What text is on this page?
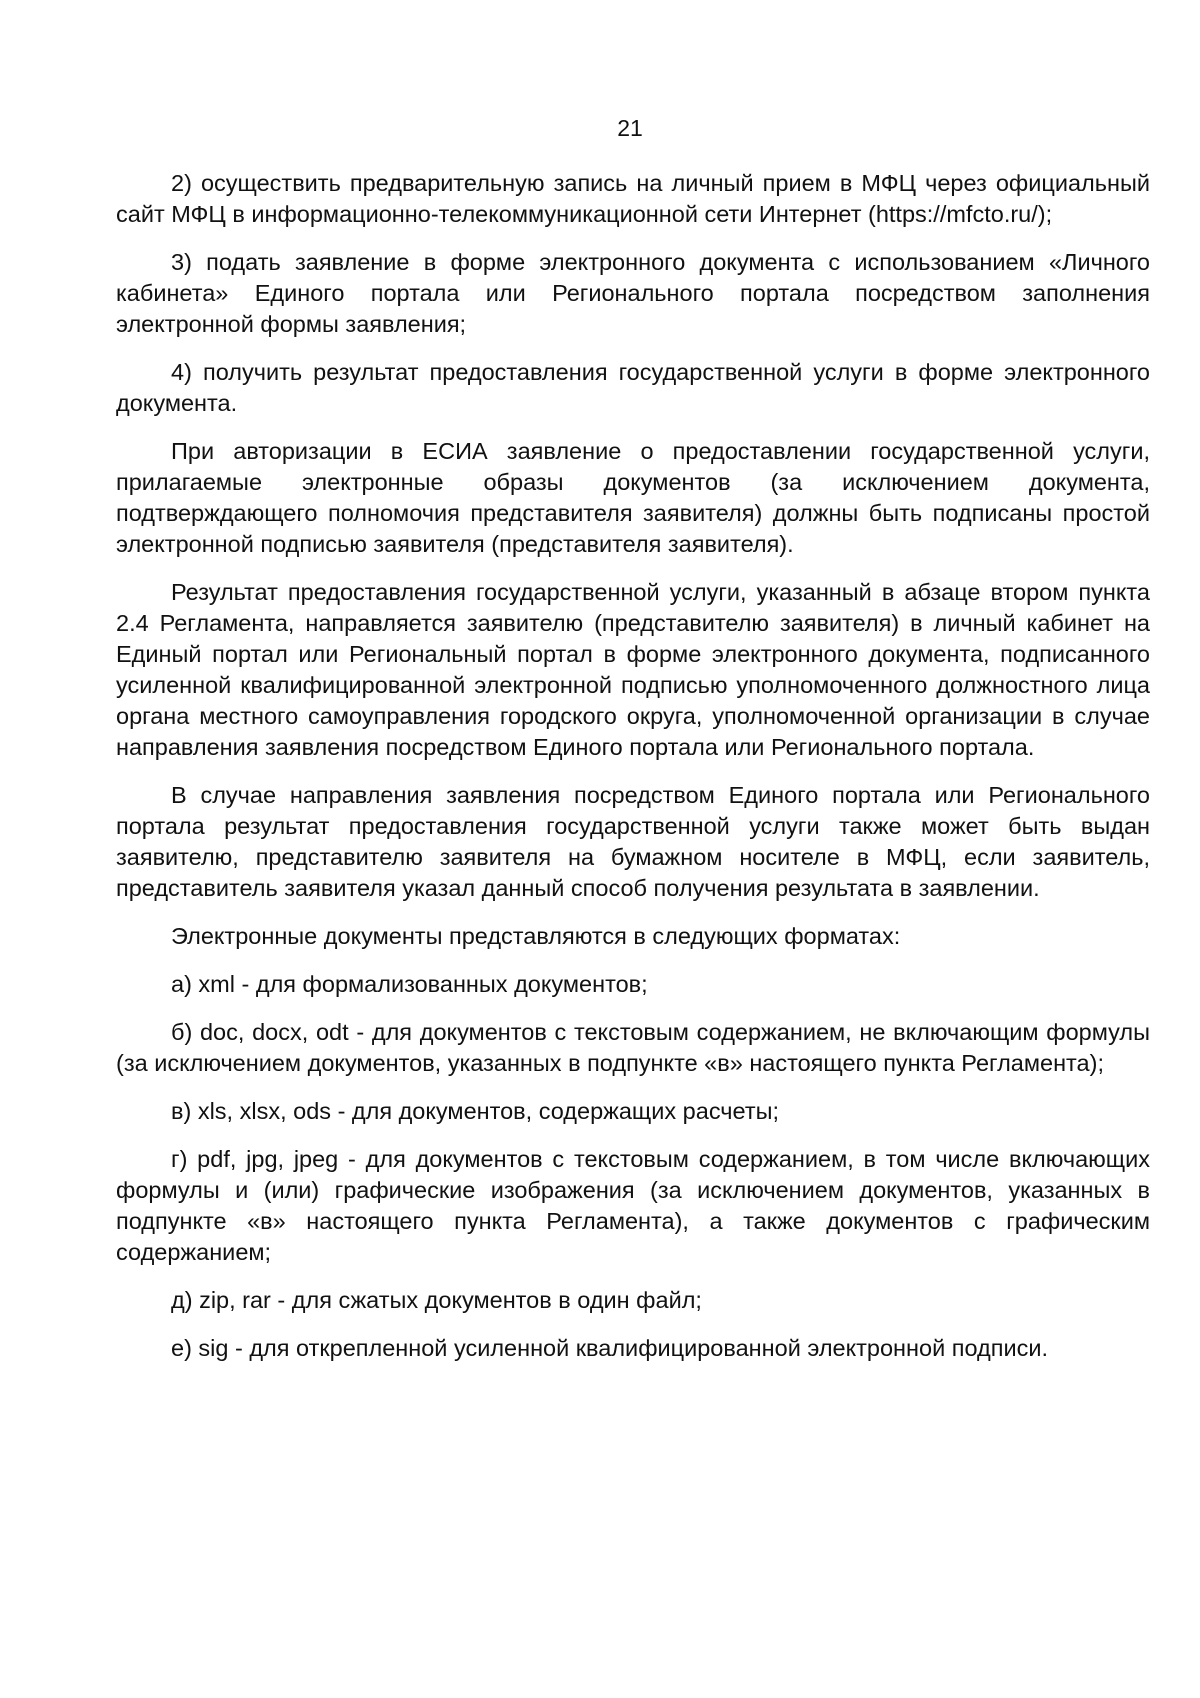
21

2) осуществить предварительную запись на личный прием в МФЦ через официальный сайт МФЦ в информационно-телекоммуникационной сети Интернет (https://mfcto.ru/);

3) подать заявление в форме электронного документа с использованием «Личного кабинета» Единого портала или Регионального портала посредством заполнения электронной формы заявления;

4) получить результат предоставления государственной услуги в форме электронного документа.

При авторизации в ЕСИА заявление о предоставлении государственной услуги, прилагаемые электронные образы документов (за исключением документа, подтверждающего полномочия представителя заявителя) должны быть подписаны простой электронной подписью заявителя (представителя заявителя).

Результат предоставления государственной услуги, указанный в абзаце втором пункта 2.4 Регламента, направляется заявителю (представителю заявителя) в личный кабинет на Единый портал или Региональный портал в форме электронного документа, подписанного усиленной квалифицированной электронной подписью уполномоченного должностного лица органа местного самоуправления городского округа, уполномоченной организации в случае направления заявления посредством Единого портала или Регионального портала.

В случае направления заявления посредством Единого портала или Регионального портала результат предоставления государственной услуги также может быть выдан заявителю, представителю заявителя на бумажном носителе в МФЦ, если заявитель, представитель заявителя указал данный способ получения результата в заявлении.

Электронные документы представляются в следующих форматах:

а) xml - для формализованных документов;

б) doc, docx, odt - для документов с текстовым содержанием, не включающим формулы (за исключением документов, указанных в подпункте «в» настоящего пункта Регламента);

в) xls, xlsx, ods - для документов, содержащих расчеты;

г) pdf, jpg, jpeg - для документов с текстовым содержанием, в том числе включающих формулы и (или) графические изображения (за исключением документов, указанных в подпункте «в» настоящего пункта Регламента), а также документов с графическим содержанием;

д) zip, rar - для сжатых документов в один файл;

е) sig - для открепленной усиленной квалифицированной электронной подписи.
